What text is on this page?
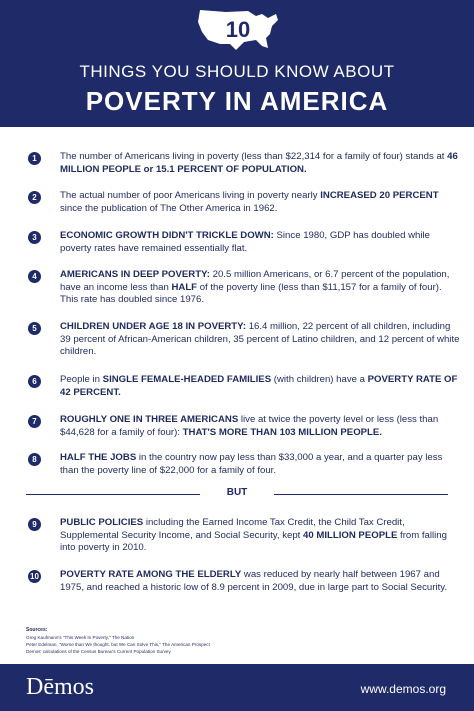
10
THINGS YOU SHOULD KNOW ABOUT
POVERTY IN AMERICA
1	The number of Americans living in poverty (less than $22,314 for a family of four) stands at 46 MILLION PEOPLE or 15.1 PERCENT OF POPULATION.
2	The actual number of poor Americans living in poverty nearly INCREASED 20 PERCENT since the publication of The Other America in 1962.
3	ECONOMIC GROWTH DIDN'T TRICKLE DOWN: Since 1980, GDP has doubled while poverty rates have remained essentially flat.
4	AMERICANS IN DEEP POVERTY: 20.5 million Americans, or 6.7 percent of the population, have an income less than HALF of the poverty line (less than $11,157 for a family of four). This rate has doubled since 1976.
5	CHILDREN UNDER AGE 18 IN POVERTY: 16.4 million, 22 percent of all children, including 39 percent of African-American children, 35 percent of Latino children, and 12 percent of white children.
6	People in SINGLE FEMALE-HEADED FAMILIES (with children) have a POVERTY RATE OF 42 PERCENT.
7	ROUGHLY ONE IN THREE AMERICANS live at twice the poverty level or less (less than $44,628 for a family of four): THAT'S MORE THAN 103 MILLION PEOPLE.
8	HALF THE JOBS in the country now pay less than $33,000 a year, and a quarter pay less than the poverty line of $22,000 for a family of four.
9	PUBLIC POLICIES including the Earned Income Tax Credit, the Child Tax Credit, Supplemental Security Income, and Social Security, kept 40 MILLION PEOPLE from falling into poverty in 2010.
10 POVERTY RATE AMONG THE ELDERLY was reduced by nearly half between 1967 and 1975, and reached a historic low of 8.9 percent in 2009, due in large part to Social Security.
BUT
Sources:
Greg Kaufmann's "This Week In Poverty," The Nation
Peter Edelman, "Worse than We thought, but We Can Solve This," The American Prospect
Demos' calculations of the Census Bureau's Current Population Survey
Dēmos	www.demos.org
